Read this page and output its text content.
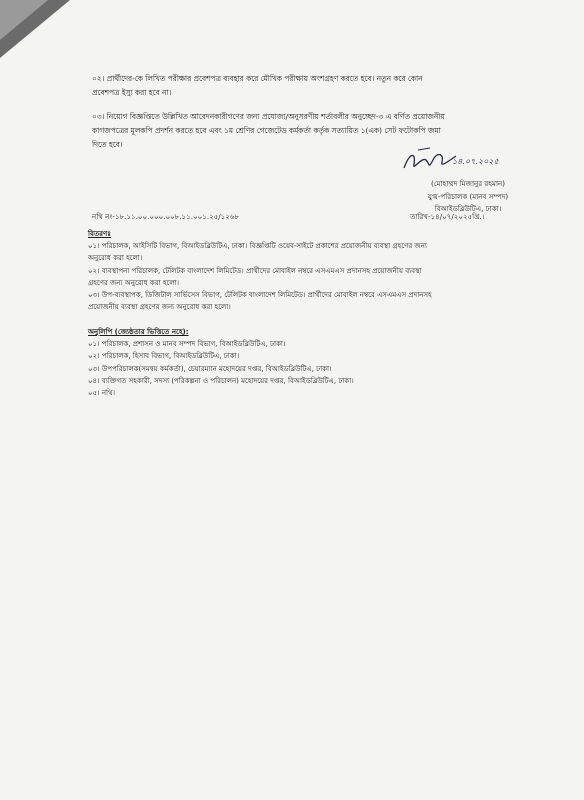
০২। প্রার্থীদের-কে লিখিত পরীক্ষার প্রবেশপত্র ব্যবহার করে মৌখিক পরীক্ষায় অংশগ্রহণ করতে হবে। নতুন করে কোন
প্রবেশপত্র ইস্যু করা হবে না।
০৩। নিয়োগ বিজ্ঞপ্তিতে উল্লিখিত আবেদনকারীগণের জন্য প্রযোজ্য/অনুসরণীয় শর্তাবলীর অনুচ্ছেদ-৩ এ বর্ণিত প্রয়োজনীয়
কাগজপত্রের মূলকপি প্রদর্শন করতে হবে এবং ১ম শ্রেণির গেজেটেড কর্মকর্তা কর্তৃক সত্যায়িত ১(এক) সেট ফটোকপি জমা
দিতে হবে।
১৪.০৭.২০২৫
(মোহাম্মদ মিজানুর রহমান)
যুগ্ম-পরিচালক (মানব সম্পদ)
বিআইডব্লিউটিএ, ঢাকা।
নথি নং-১৮.১১.০০.০০০.০০৮.১১.০০১.২৫/১২৬৮	তারিখ-১৪/০৭/২০২৫খ্রি.।
বিতরণঃ
০১। পরিচালক, আইসিটি বিভাগ, বিআইডব্লিউটিএ, ঢাকা। বিজ্ঞপ্তিটি ওয়েব-সাইটে প্রকাশের প্রয়োজনীয় ব্যবস্থা গ্রহণের জন্য
অনুরোধ করা হলো।
০২। ব্যবস্থাপনা পরিচালক, টেলিটক বাংলাদেশ লিমিটেড। প্রার্থীদের মোবাইল নম্বরে এসএমএস প্রদানসহ প্রয়োজনীয় ব্যবস্থা
গ্রহণের জন্য অনুরোধ করা হলো।
০৩। উপ-ব্যবস্থাপক, ডিজিটাল সার্ভিসেস বিভাগ, টেলিটক বাংলাদেশ লিমিটেড। প্রার্থীদের মোবাইল নম্বরে এসএমএস প্রদানসহ
প্রয়োজনীয় ব্যবস্থা গ্রহণের জন্য অনুরোধ করা হলো।
অনুলিপি (জ্যেষ্ঠতার ভিত্তিতে নহে):
০১। পরিচালক, প্রশাসন ও মানব সম্পদ বিভাগ, বিআইডব্লিউটিএ, ঢাকা।
০২। পরিচালক, হিসাব বিভাগ, বিআইডব্লিউটিএ, ঢাকা।
০৩। উপপরিচালক(সমন্বয় কর্মকর্তা), চেয়ারম্যান মহোদয়ের দপ্তর, বিআইডব্লিউটিএ, ঢাকা।
০৪। ব্যক্তিগত সহকারী, সদস্য (পরিকল্পনা ও পরিচালন) মহোদয়ের দপ্তর, বিআইডব্লিউটিএ, ঢাকা।
০৫। নথি।
